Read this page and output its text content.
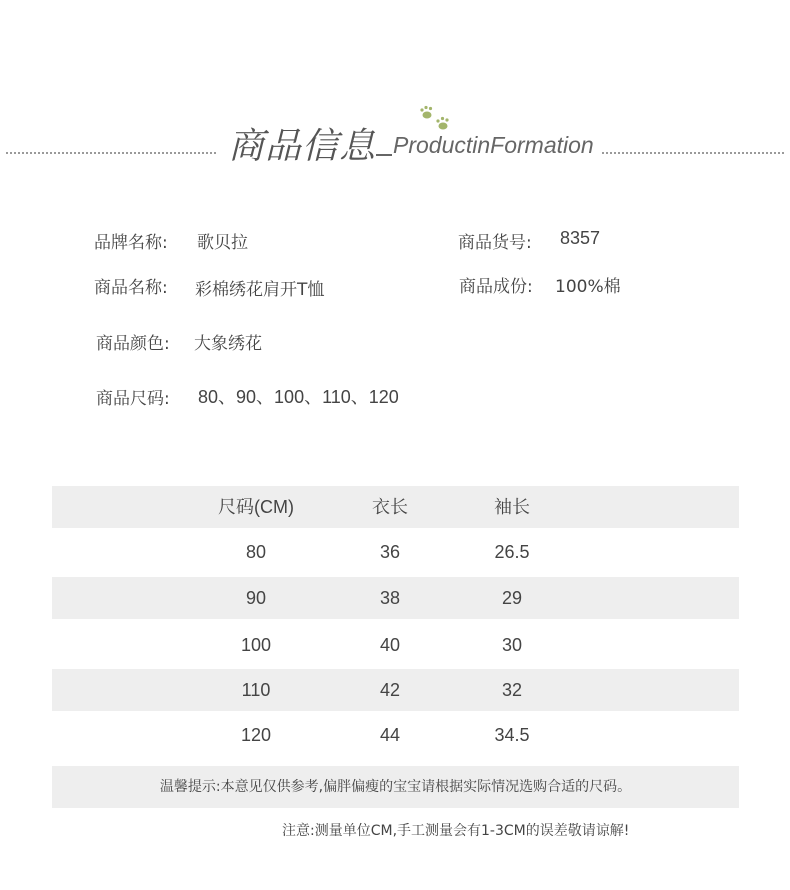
商品信息 ProductinFormation
品牌名称: 歌贝拉	商品货号: 8357
商品名称: 彩棉绣花肩开T恤	商品成份: 100%棉
商品颜色: 大象绣花
商品尺码: 80、90、100、110、120
尺码(CM)	衣长	袖长
80	36	26.5
90	38	29
100	40	30
110	42	32
120	44	34.5
温馨提示:本意见仅供参考,偏胖偏瘦的宝宝请根据实际情况选购合适的尺码。
注意:测量单位CM,手工测量会有1-3CM的误差敬请谅解!
